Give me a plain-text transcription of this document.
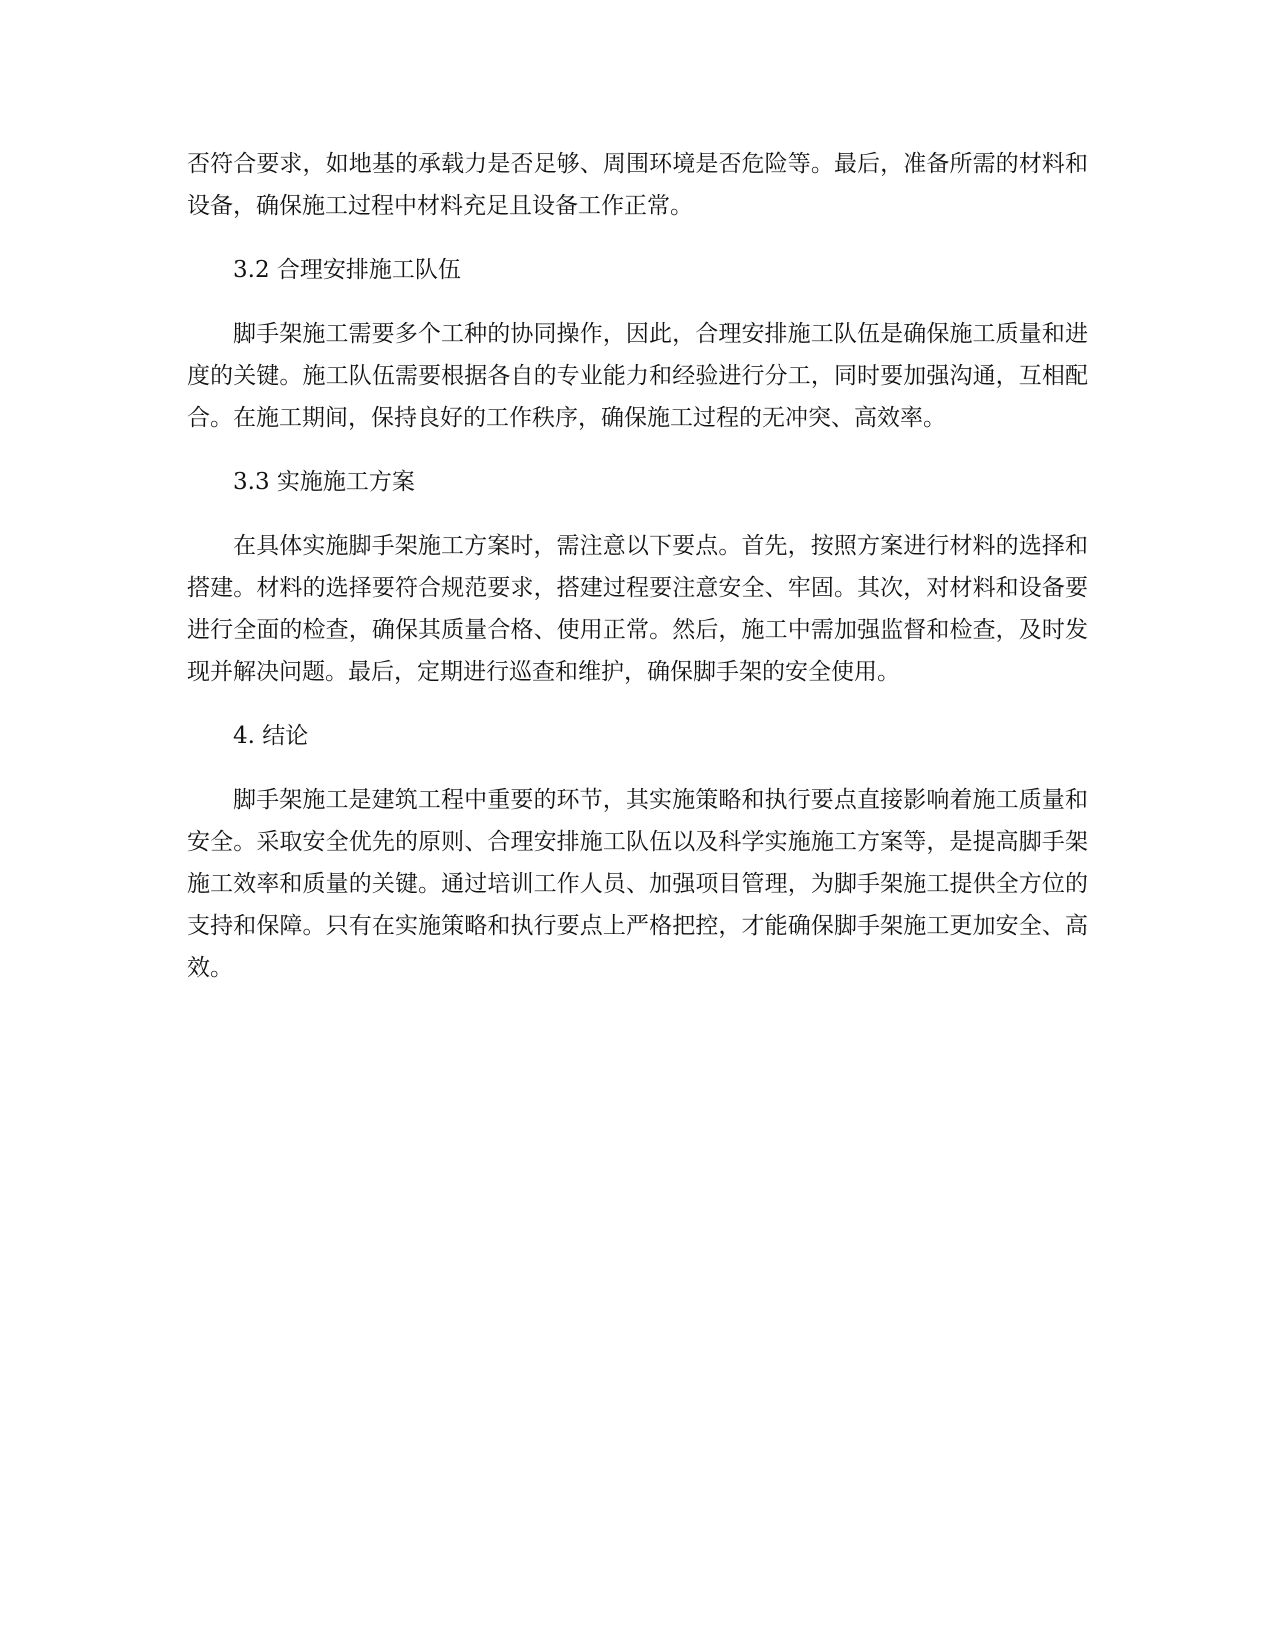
否符合要求，如地基的承载力是否足够、周围环境是否危险等。最后，准备所需的材料和设备，确保施工过程中材料充足且设备工作正常。

3.2 合理安排施工队伍

脚手架施工需要多个工种的协同操作，因此，合理安排施工队伍是确保施工质量和进度的关键。施工队伍需要根据各自的专业能力和经验进行分工，同时要加强沟通，互相配合。在施工期间，保持良好的工作秩序，确保施工过程的无冲突、高效率。

3.3 实施施工方案

在具体实施脚手架施工方案时，需注意以下要点。首先，按照方案进行材料的选择和搭建。材料的选择要符合规范要求，搭建过程要注意安全、牢固。其次，对材料和设备要进行全面的检查，确保其质量合格、使用正常。然后，施工中需加强监督和检查，及时发现并解决问题。最后，定期进行巡查和维护，确保脚手架的安全使用。

4. 结论

脚手架施工是建筑工程中重要的环节，其实施策略和执行要点直接影响着施工质量和安全。采取安全优先的原则、合理安排施工队伍以及科学实施施工方案等，是提高脚手架施工效率和质量的关键。通过培训工作人员、加强项目管理，为脚手架施工提供全方位的支持和保障。只有在实施策略和执行要点上严格把控，才能确保脚手架施工更加安全、高效。
